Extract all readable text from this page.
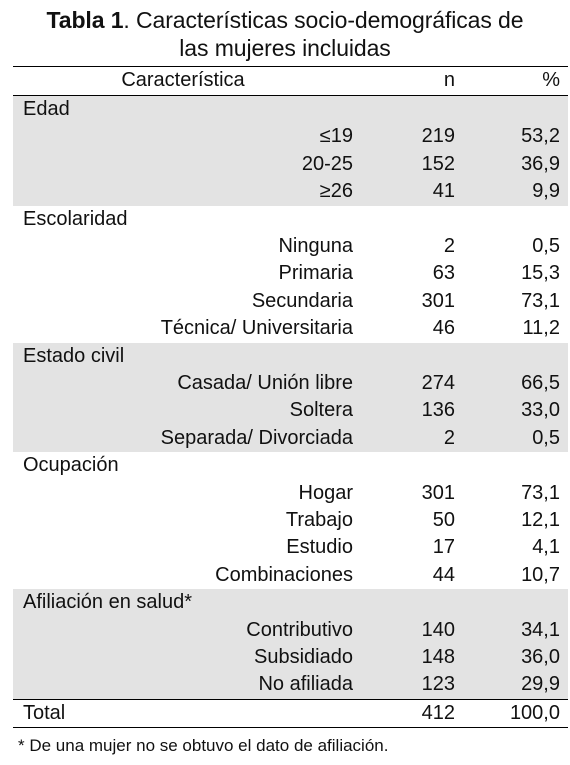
Tabla 1. Características socio-demográficas de
las mujeres incluidas
Característica	n	%
Edad
≤19	219	53,2
20-25	152	36,9
≥26	41	9,9
Escolaridad
Ninguna	2	0,5
Primaria	63	15,3
Secundaria	301	73,1
Técnica/ Universitaria	46	11,2
Estado civil
Casada/ Unión libre	274	66,5
Soltera	136	33,0
Separada/ Divorciada	2	0,5
Ocupación
Hogar	301	73,1
Trabajo	50	12,1
Estudio	17	4,1
Combinaciones	44	10,7
Afiliación en salud*
Contributivo	140	34,1
Subsidiado	148	36,0
No afiliada	123	29,9
Total	412	100,0
* De una mujer no se obtuvo el dato de afiliación.
